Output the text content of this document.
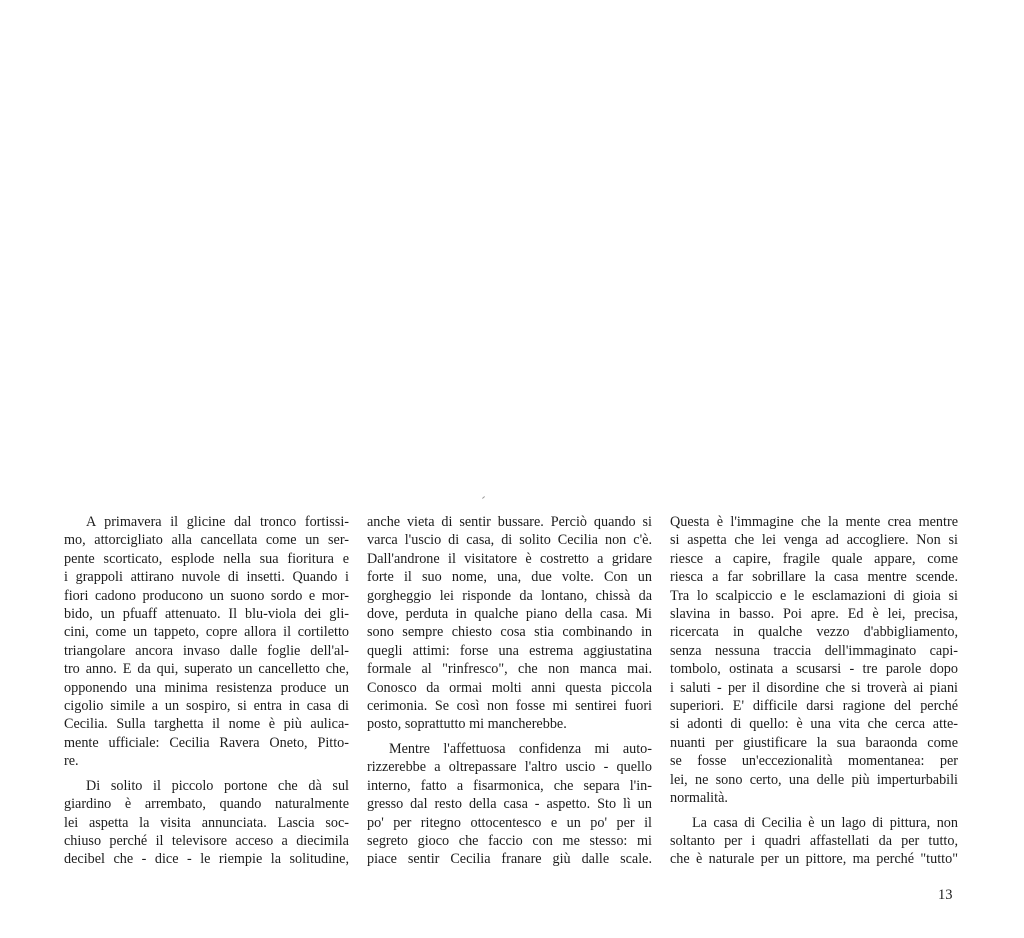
A primavera il glicine dal tronco fortissi-
mo, attorcigliato alla cancellata come un ser-
pente scorticato, esplode nella sua fioritura e
i grappoli attirano nuvole di insetti. Quando i
fiori cadono producono un suono sordo e mor-
bido, un pfuaff attenuato. Il blu-viola dei gli-
cini, come un tappeto, copre allora il cortiletto
triangolare ancora invaso dalle foglie dell'al-
tro anno. E da qui, superato un cancelletto che,
opponendo una minima resistenza produce un
cigolio simile a un sospiro, si entra in casa di
Cecilia. Sulla targhetta il nome è più aulica-
mente ufficiale: Cecilia Ravera Oneto, Pitto-
re.
Di solito il piccolo portone che dà sul
giardino è arrembato, quando naturalmente
lei aspetta la visita annunciata. Lascia soc-
chiuso perché il televisore acceso a diecimila
decibel che - dice - le riempie la solitudine,
anche vieta di sentir bussare. Perciò quando si
varca l'uscio di casa, di solito Cecilia non c'è.
Dall'androne il visitatore è costretto a gridare
forte il suo nome, una, due volte. Con un
gorgheggio lei risponde da lontano, chissà da
dove, perduta in qualche piano della casa. Mi
sono sempre chiesto cosa stia combinando in
quegli attimi: forse una estrema aggiustatina
formale al "rinfresco", che non manca mai.
Conosco da ormai molti anni questa piccola
cerimonia. Se così non fosse mi sentirei fuori
posto, soprattutto mi mancherebbe.
Mentre l'affettuosa confidenza mi auto-
rizzerebbe a oltrepassare l'altro uscio - quello
interno, fatto a fisarmonica, che separa l'in-
gresso dal resto della casa - aspetto. Sto lì un
po' per ritegno ottocentesco e un po' per il
segreto gioco che faccio con me stesso: mi
piace sentir Cecilia franare giù dalle scale.
Questa è l'immagine che la mente crea mentre
si aspetta che lei venga ad accogliere. Non si
riesce a capire, fragile quale appare, come
riesca a far sobrillare la casa mentre scende.
Tra lo scalpiccio e le esclamazioni di gioia si
slavina in basso. Poi apre. Ed è lei, precisa,
ricercata in qualche vezzo d'abbigliamento,
senza nessuna traccia dell'immaginato capi-
tombolo, ostinata a scusarsi - tre parole dopo
i saluti - per il disordine che si troverà ai piani
superiori. E' difficile darsi ragione del perché
si adonti di quello: è una vita che cerca atte-
nuanti per giustificare la sua baraonda come
se fosse un'eccezionalità momentanea: per
lei, ne sono certo, una delle più imperturbabili
normalità.
La casa di Cecilia è un lago di pittura, non
soltanto per i quadri affastellati da per tutto,
che è naturale per un pittore, ma perché "tutto"
13
